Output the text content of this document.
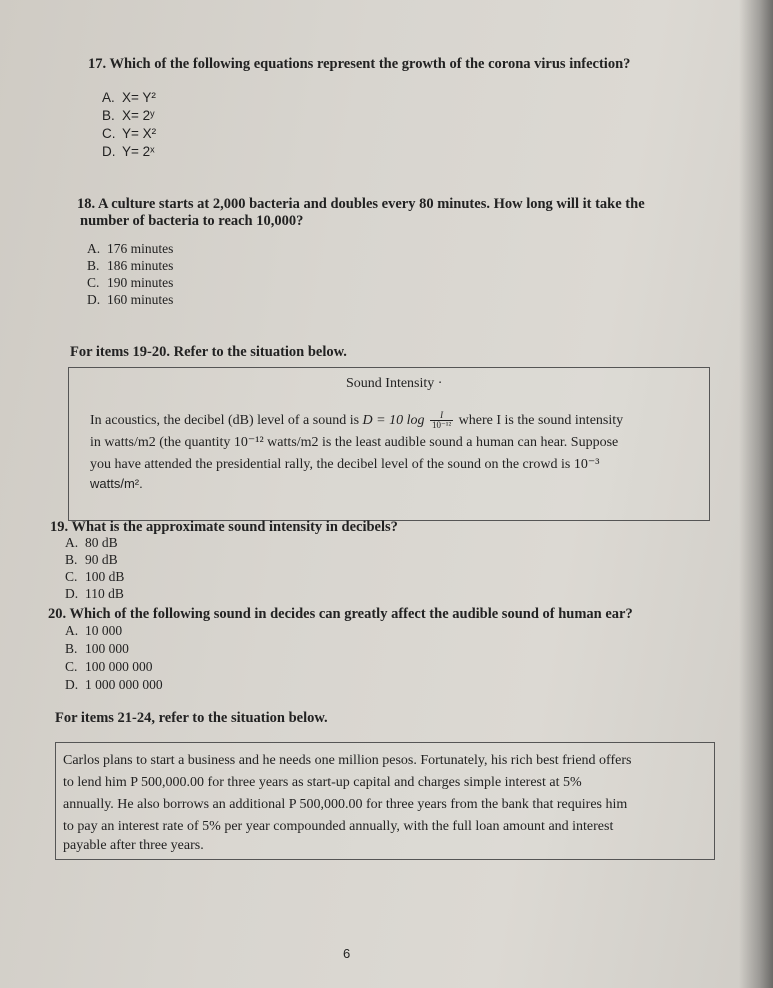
17. Which of the following equations represent the growth of the corona virus infection?
A. X= Y²
B. X= 2ʸ
C. Y= X²
D. Y= 2ˣ
18. A culture starts at 2,000 bacteria and doubles every 80 minutes. How long will it take the
number of bacteria to reach 10,000?
A. 176 minutes
B. 186 minutes
C. 190 minutes
D. 160 minutes
For items 19-20. Refer to the situation below.
Sound Intensity ·
In acoustics, the decibel (dB) level of a sound is D = 10 $\log \frac{I}{\text{10⁻¹²}}$ where I is the sound intensity
in watts/m2 (the quantity 10⁻¹² watts/m2 is the least audible sound a human can hear. Suppose
you have attended the presidential rally, the decibel level of the sound on the crowd is 10⁻³
watts/m².
19. What is the approximate sound intensity in decibels?
A. 80 dB
B. 90 dB
C. 100 dB
D. 110 dB
20. Which of the following sound in decides can greatly affect the audible sound of human ear?
A. 10 000
B. 100 000
C. 100 000 000
D. 1 000 000 000
For items 21-24, refer to the situation below.
Carlos plans to start a business and he needs one million pesos. Fortunately, his rich best friend offers
to lend him P 500,000.00 for three years as start-up capital and charges simple interest at 5%
annually. He also borrows an additional P 500,000.00 for three years from the bank that requires him
to pay an interest rate of 5% per year compounded annually, with the full loan amount and interest
payable after three years.
6
